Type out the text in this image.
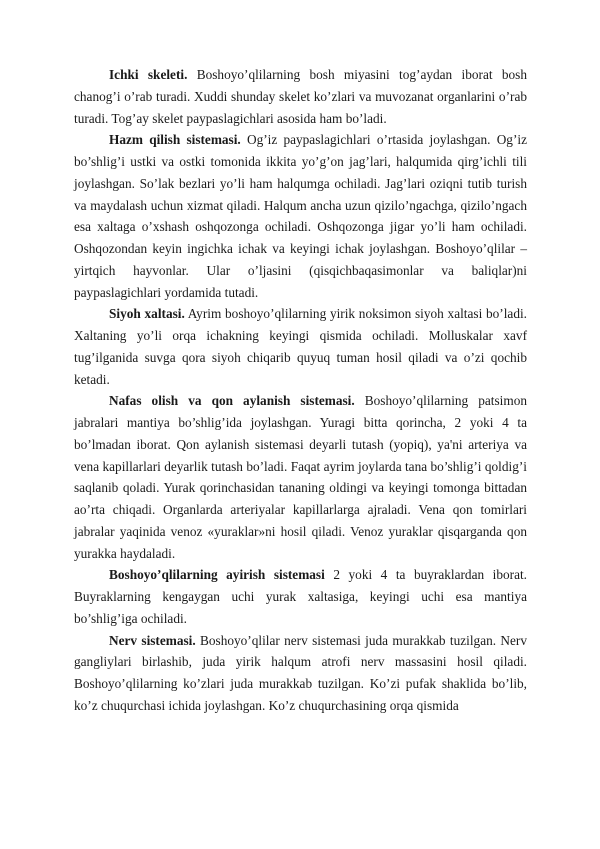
Ichki skeleti. Boshoyo’qlilarning bosh miyasini tog’aydan iborat bosh chanog’i o’rab turadi. Xuddi shunday skelet ko’zlari va muvozanat organlarini o’rab turadi. Tog’ay skelet paypaslagichlari asosida ham bo’ladi.

Hazm qilish sistemasi. Og’iz paypaslagichlari o’rtasida joylashgan. Og’iz bo’shlig’i ustki va ostki tomonida ikkita yo’g’on jag’lari, halqumida qirg’ichli tili joylashgan. So’lak bezlari yo’li ham halqumga ochiladi. Jag’lari oziqni tutib turish va maydalash uchun xizmat qiladi. Halqum ancha uzun qizilo’ngachga, qizilo’ngach esa xaltaga o’xshash oshqozonga ochiladi. Oshqozonga jigar yo’li ham ochiladi. Oshqozondan keyin ingichka ichak va keyingi ichak joylashgan. Boshoyo’qlilar – yirtqich hayvonlar. Ular o’ljasini (qisqichbaqasimonlar va baliqlar)ni paypaslagichlari yordamida tutadi.

Siyoh xaltasi. Ayrim boshoyo’qlilarning yirik noksimon siyoh xaltasi bo’ladi. Xaltaning yo’li orqa ichakning keyingi qismida ochiladi. Molluskalar xavf tug’ilganida suvga qora siyoh chiqarib quyuq tuman hosil qiladi va o’zi qochib ketadi.

Nafas olish va qon aylanish sistemasi. Boshoyo’qlilarning patsimon jabralari mantiya bo’shlig’ida joylashgan. Yuragi bitta qorincha, 2 yoki 4 ta bo’lmadan iborat. Qon aylanish sistemasi deyarli tutash (yopiq), ya'ni arteriya va vena kapillarlari deyarlik tutash bo’ladi. Faqat ayrim joylarda tana bo’shlig’i qoldig’i saqlanib qoladi. Yurak qorinchasidan tananing oldingi va keyingi tomonga bittadan ao’rta chiqadi. Organlarda arteriyalar kapillarlarga ajraladi. Vena qon tomirlari jabralar yaqinida venoz «yuraklar»ni hosil qiladi. Venoz yuraklar qisqarganda qon yurakka haydaladi.

Boshoyo’qlilarning ayirish sistemasi 2 yoki 4 ta buyraklardan iborat. Buyraklarning kengaygan uchi yurak xaltasiga, keyingi uchi esa mantiya bo’shlig’iga ochiladi.

Nerv sistemasi. Boshoyo’qlilar nerv sistemasi juda murakkab tuzilgan. Nerv gangliylari birlashib, juda yirik halqum atrofi nerv massasini hosil qiladi. Boshoyo’qlilarning ko’zlari juda murakkab tuzilgan. Ko’zi pufak shaklida bo’lib, ko’z chuqurchasi ichida joylashgan. Ko’z chuqurchasining orqa qismida
